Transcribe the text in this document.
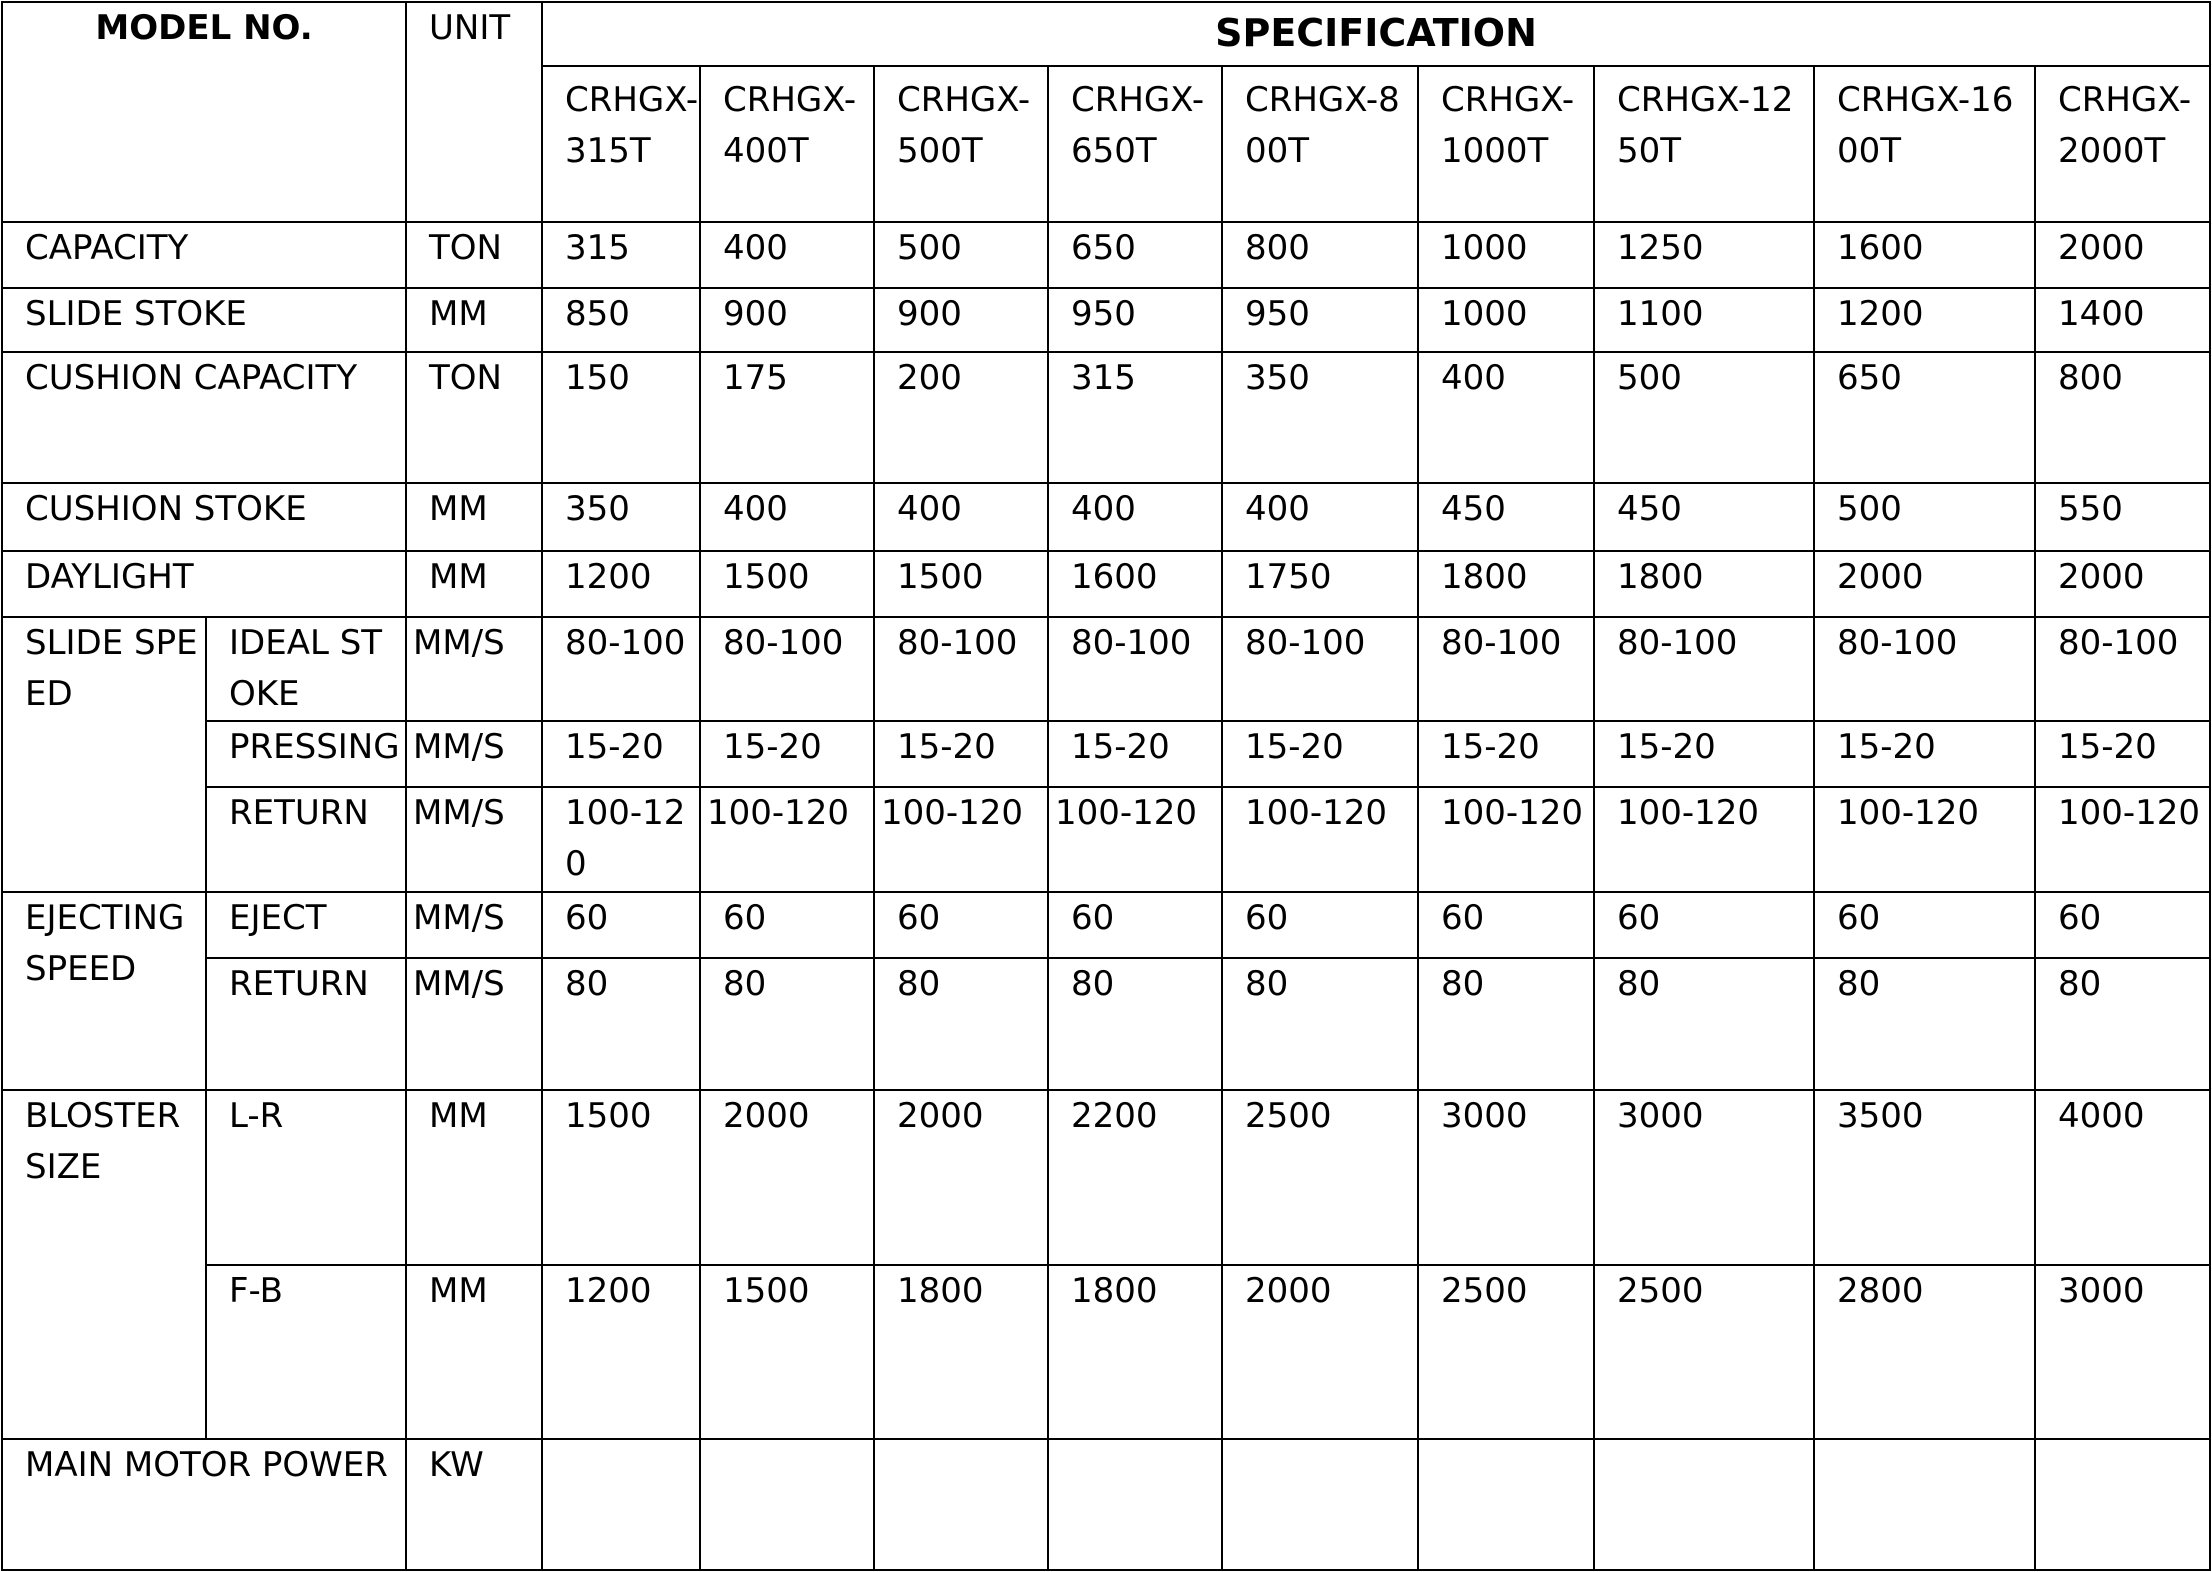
MODEL NO.		UNIT	SPECIFICATION								
			CRHGX-315T	CRHGX-400T	CRHGX-500T	CRHGX-650T	CRHGX-800T	CRHGX-1000T	CRHGX-1250T	CRHGX-1600T	CRHGX-2000T
CAPACITY		TON	315	400	500	650	800	1000	1250	1600	2000
SLIDE STOKE		MM	850	900	900	950	950	1000	1100	1200	1400
CUSHION CAPACITY		TON	150	175	200	315	350	400	500	650	800
CUSHION STOKE		MM	350	400	400	400	400	450	450	500	550
DAYLIGHT		MM	1200	1500	1500	1600	1750	1800	1800	2000	2000
SLIDE SPEED	IDEAL STOKE	MM/S	80-100	80-100	80-100	80-100	80-100	80-100	80-100	80-100	80-100
	PRESSING	MM/S	15-20	15-20	15-20	15-20	15-20	15-20	15-20	15-20	15-20
	RETURN	MM/S	100-120	100-120	100-120	100-120	100-120	100-120	100-120	100-120	100-120
EJECTING SPEED	EJECT	MM/S	60	60	60	60	60	60	60	60	60
	RETURN	MM/S	80	80	80	80	80	80	80	80	80
BLOSTER SIZE	L-R	MM	1500	2000	2000	2200	2500	3000	3000	3500	4000
	F-B	MM	1200	1500	1800	1800	2000	2500	2500	2800	3000
MAIN MOTOR POWER		KW									
